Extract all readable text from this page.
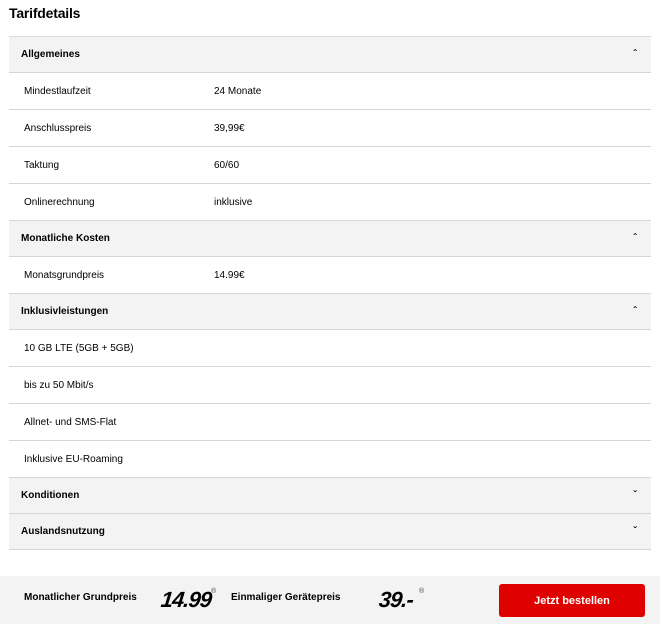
Tarifdetails
Allgemeines	ˆ
Mindestlaufzeit	24 Monate
Anschlusspreis	39,99€
Taktung	60/60
Onlinerechnung	inklusive
Monatliche Kosten	ˆ
Monatsgrundpreis	14.99€
Inklusivleistungen	ˆ
10 GB LTE (5GB + 5GB)
bis zu 50 Mbit/s
Allnet- und SMS-Flat
Inklusive EU-Roaming
Konditionen	ˇ
Auslandsnutzung	ˇ
Monatlicher Grundpreis 14.99
®
Einmaliger Gerätepreis 39.- ®
Jetzt bestellen
